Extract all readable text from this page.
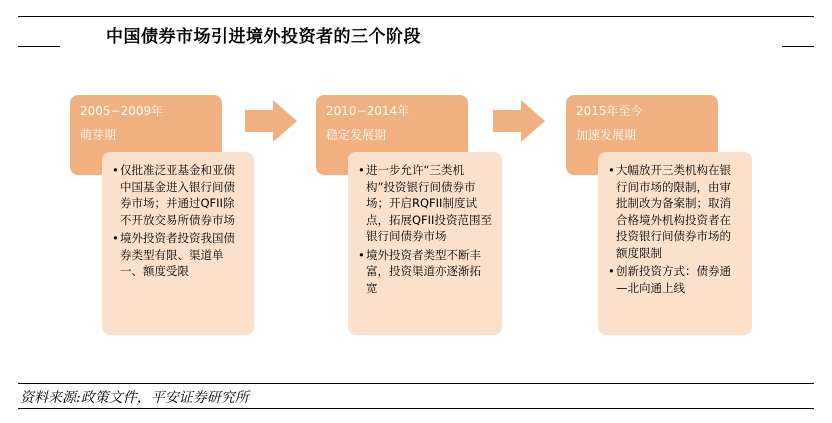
中国债券市场引进境外投资者的三个阶段
2005−2009年
萌芽期
• 仅批准泛亚基金和亚债中国基金进入银行间债券市场；并通过QFII除不开放交易所债券市场
• 境外投资者投资我国债券类型有限、渠道单一、额度受限
2010−2014年
稳定发展期
• 进一步允许“三类机构”投资银行间债券市场；开启RQFII制度试点，拓展QFII投资范围至银行间债券市场
• 境外投资者类型不断丰富，投资渠道亦逐渐拓宽
2015年至今
加速发展期
• 大幅放开三类机构在银行间市场的限制，由审批制改为备案制；取消合格境外机构投资者在投资银行间债券市场的额度限制
• 创新投资方式：债券通—北向通上线
资料来源:政策文件，平安证券研究所
